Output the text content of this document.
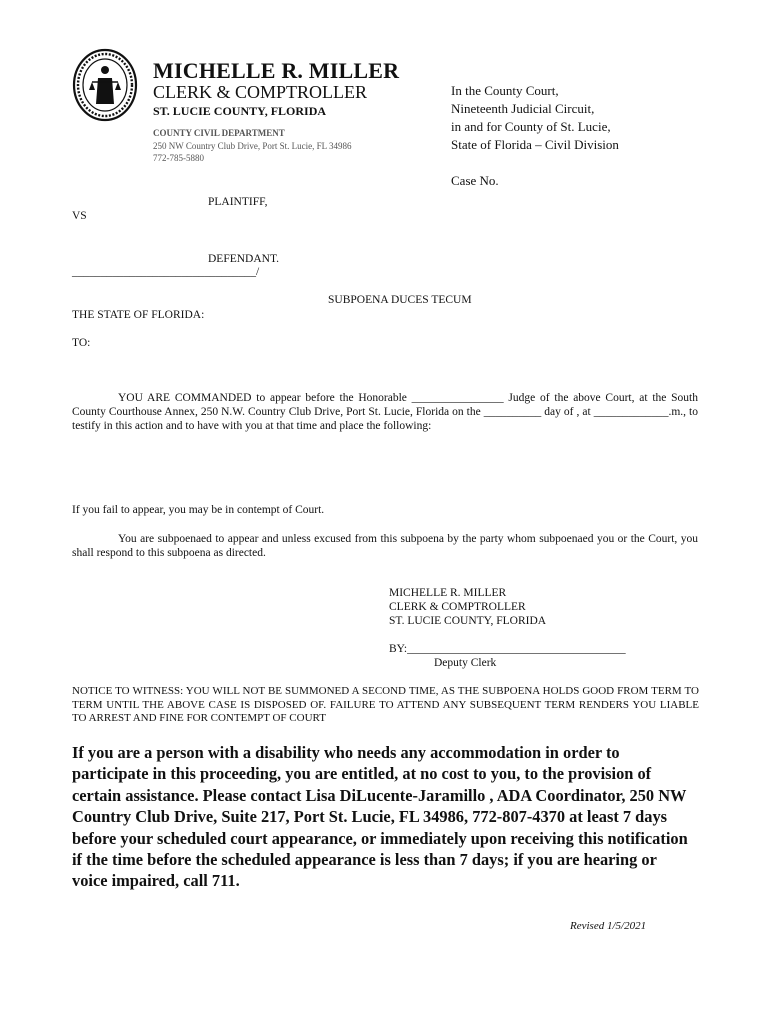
MICHELLE R. MILLER
CLERK & COMPTROLLER
ST. LUCIE COUNTY, FLORIDA
COUNTY CIVIL DEPARTMENT
250 NW Country Club Drive, Port St. Lucie, FL 34986
772-785-5880
In the County Court,
Nineteenth Judicial Circuit,
in and for County of St. Lucie,
State of Florida – Civil Division
Case No.
PLAINTIFF,
VS
DEFENDANT.
________________________________/
SUBPOENA DUCES TECUM
THE STATE OF FLORIDA:
TO:
YOU ARE COMMANDED to appear before the Honorable ________________ Judge of the above Court, at the South County Courthouse Annex, 250 N.W. Country Club Drive, Port St. Lucie, Florida on the __________ day of , at _____________.m., to testify in this action and to have with you at that time and place the following:
If you fail to appear, you may be in contempt of Court.
You are subpoenaed to appear and unless excused from this subpoena by the party whom subpoenaed you or the Court, you shall respond to this subpoena as directed.
MICHELLE R. MILLER
CLERK & COMPTROLLER
ST. LUCIE COUNTY, FLORIDA
BY:______________________________________
Deputy Clerk
NOTICE TO WITNESS: YOU WILL NOT BE SUMMONED A SECOND TIME, AS THE SUBPOENA HOLDS GOOD FROM TERM TO TERM UNTIL THE ABOVE CASE IS DISPOSED OF. FAILURE TO ATTEND ANY SUBSEQUENT TERM RENDERS YOU LIABLE TO ARREST AND FINE FOR CONTEMPT OF COURT
If you are a person with a disability who needs any accommodation in order to participate in this proceeding, you are entitled, at no cost to you, to the provision of certain assistance. Please contact Lisa DiLucente-Jaramillo , ADA Coordinator, 250 NW Country Club Drive, Suite 217, Port St. Lucie, FL 34986, 772-807-4370 at least 7 days before your scheduled court appearance, or immediately upon receiving this notification if the time before the scheduled appearance is less than 7 days; if you are hearing or voice impaired, call 711.
Revised 1/5/2021
